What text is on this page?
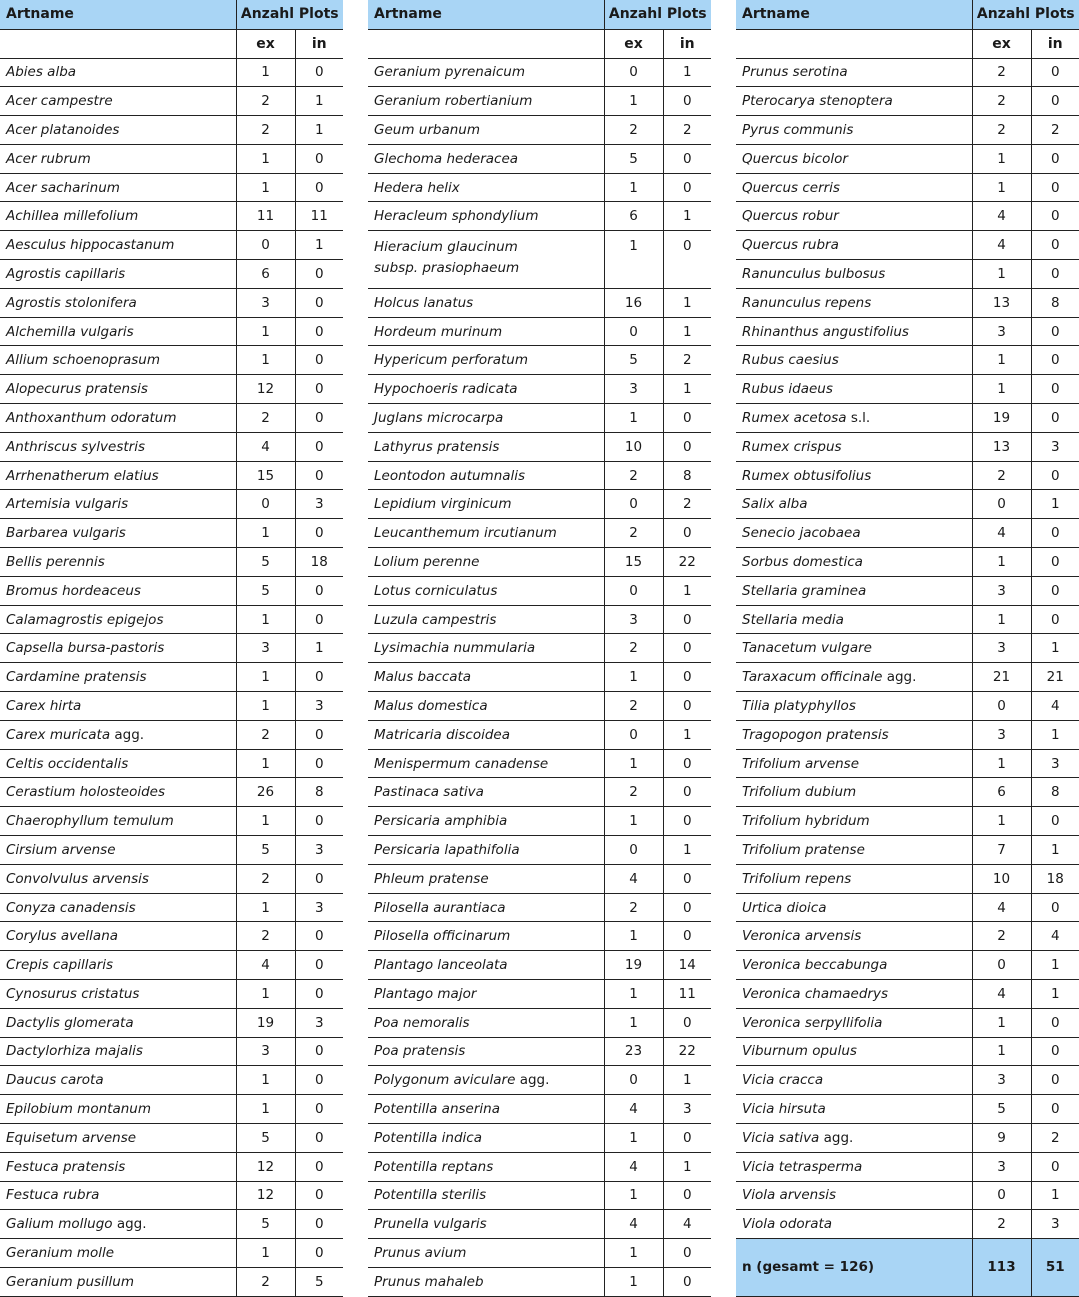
Artname	Anzahl Plots	
	ex	in
Abies alba	1	0
Acer campestre	2	1
Acer platanoides	2	1
Acer rubrum	1	0
Acer sacharinum	1	0
Achillea millefolium	11	11
Aesculus hippocastanum	0	1
Agrostis capillaris	6	0
Agrostis stolonifera	3	0
Alchemilla vulgaris	1	0
Allium schoenoprasum	1	0
Alopecurus pratensis	12	0
Anthoxanthum odoratum	2	0
Anthriscus sylvestris	4	0
Arrhenatherum elatius	15	0
Artemisia vulgaris	0	3
Barbarea vulgaris	1	0
Bellis perennis	5	18
Bromus hordeaceus	5	0
Calamagrostis epigejos	1	0
Capsella bursa-pastoris	3	1
Cardamine pratensis	1	0
Carex hirta	1	3
Carex muricata agg.	2	0
Celtis occidentalis	1	0
Cerastium holosteoides	26	8
Chaerophyllum temulum	1	0
Cirsium arvense	5	3
Convolvulus arvensis	2	0
Conyza canadensis	1	3
Corylus avellana	2	0
Crepis capillaris	4	0
Cynosurus cristatus	1	0
Dactylis glomerata	19	3
Dactylorhiza majalis	3	0
Daucus carota	1	0
Epilobium montanum	1	0
Equisetum arvense	5	0
Festuca pratensis	12	0
Festuca rubra	12	0
Galium mollugo agg.	5	0
Geranium molle	1	0
Geranium pusillum	2	5
Artname	Anzahl Plots	
	ex	in
Geranium pyrenaicum	0	1
Geranium robertianium	1	0
Geum urbanum	2	2
Glechoma hederacea	5	0
Hedera helix	1	0
Heracleum sphondylium	6	1
Hieracium glaucinum
subsp. prasiophaeum	1	0
Holcus lanatus	16	1
Hordeum murinum	0	1
Hypericum perforatum	5	2
Hypochoeris radicata	3	1
Juglans microcarpa	1	0
Lathyrus pratensis	10	0
Leontodon autumnalis	2	8
Lepidium virginicum	0	2
Leucanthemum ircutianum	2	0
Lolium perenne	15	22
Lotus corniculatus	0	1
Luzula campestris	3	0
Lysimachia nummularia	2	0
Malus baccata	1	0
Malus domestica	2	0
Matricaria discoidea	0	1
Menispermum canadense	1	0
Pastinaca sativa	2	0
Persicaria amphibia	1	0
Persicaria lapathifolia	0	1
Phleum pratense	4	0
Pilosella aurantiaca	2	0
Pilosella officinarum	1	0
Plantago lanceolata	19	14
Plantago major	1	11
Poa nemoralis	1	0
Poa pratensis	23	22
Polygonum aviculare agg.	0	1
Potentilla anserina	4	3
Potentilla indica	1	0
Potentilla reptans	4	1
Potentilla sterilis	1	0
Prunella vulgaris	4	4
Prunus avium	1	0
Prunus mahaleb	1	0
Artname	Anzahl Plots	
	ex	in
Prunus serotina	2	0
Pterocarya stenoptera	2	0
Pyrus communis	2	2
Quercus bicolor	1	0
Quercus cerris	1	0
Quercus robur	4	0
Quercus rubra	4	0
Ranunculus bulbosus	1	0
Ranunculus repens	13	8
Rhinanthus angustifolius	3	0
Rubus caesius	1	0
Rubus idaeus	1	0
Rumex acetosa s.l.	19	0
Rumex crispus	13	3
Rumex obtusifolius	2	0
Salix alba	0	1
Senecio jacobaea	4	0
Sorbus domestica	1	0
Stellaria graminea	3	0
Stellaria media	1	0
Tanacetum vulgare	3	1
Taraxacum officinale agg.	21	21
Tilia platyphyllos	0	4
Tragopogon pratensis	3	1
Trifolium arvense	1	3
Trifolium dubium	6	8
Trifolium hybridum	1	0
Trifolium pratense	7	1
Trifolium repens	10	18
Urtica dioica	4	0
Veronica arvensis	2	4
Veronica beccabunga	0	1
Veronica chamaedrys	4	1
Veronica serpyllifolia	1	0
Viburnum opulus	1	0
Vicia cracca	3	0
Vicia hirsuta	5	0
Vicia sativa agg.	9	2
Vicia tetrasperma	3	0
Viola arvensis	0	1
Viola odorata	2	3
n (gesamt = 126)	113	51
